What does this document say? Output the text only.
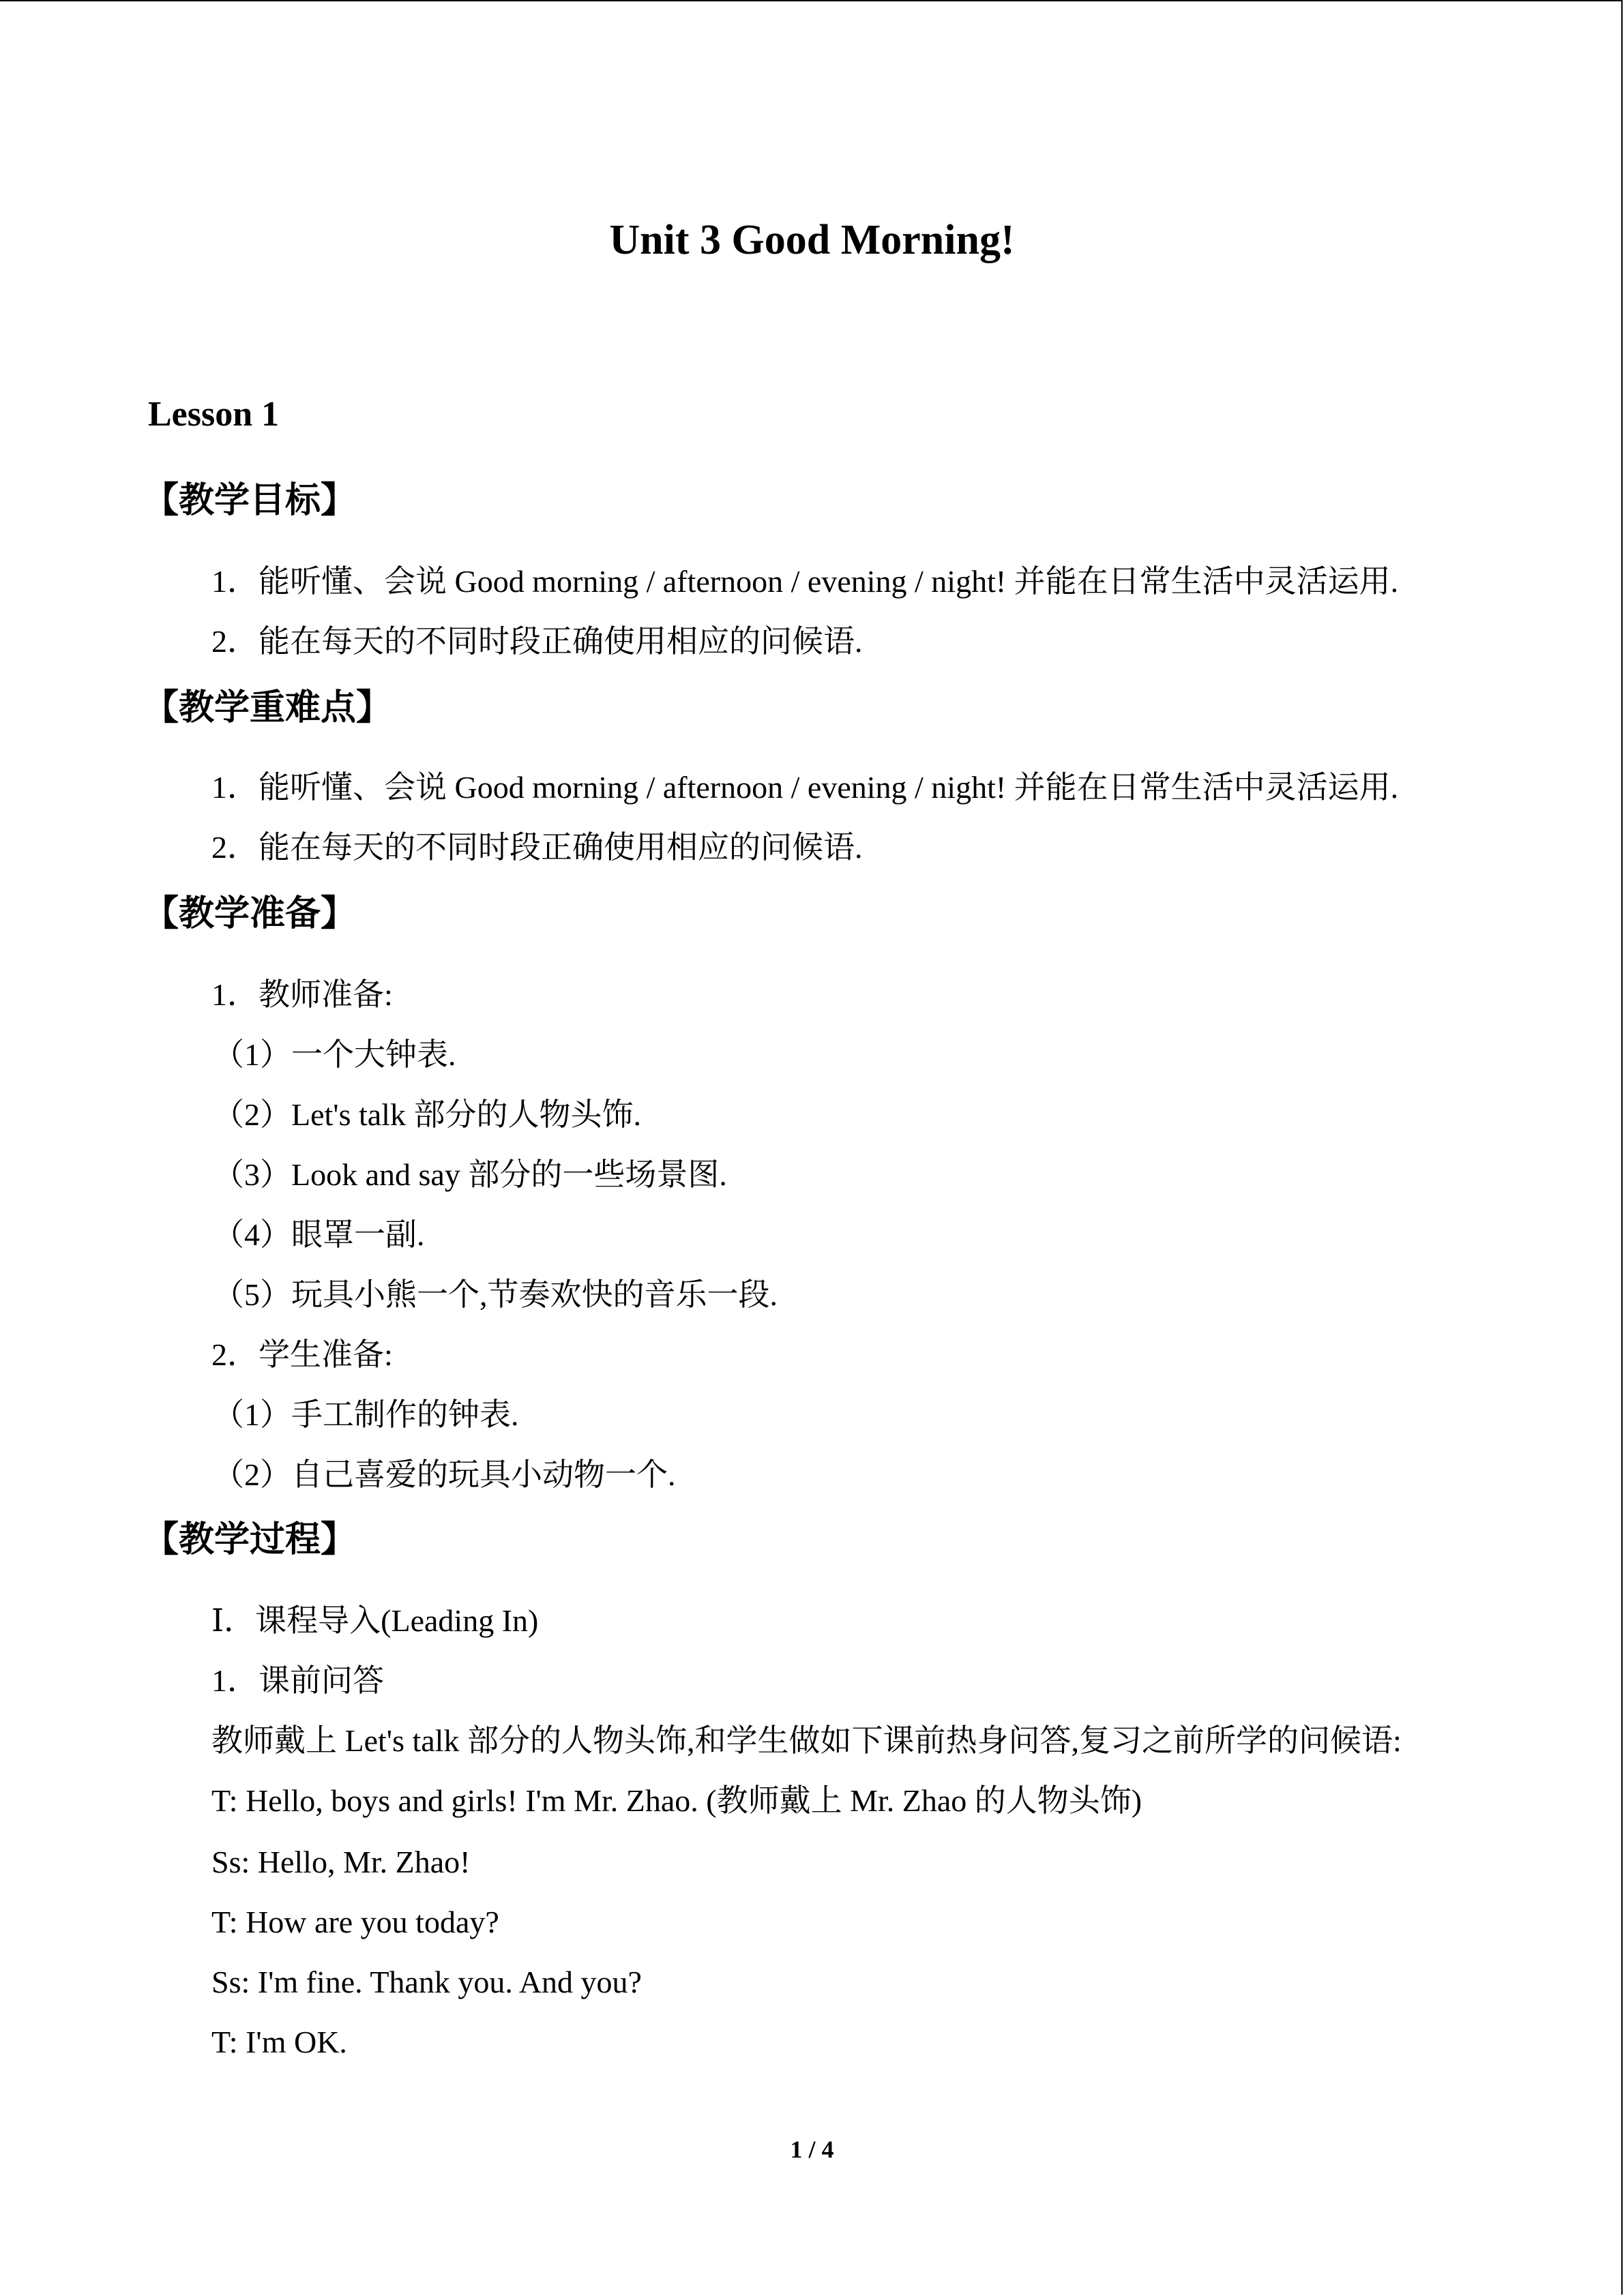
Unit 3 Good Morning!
Lesson 1
【教学目标】
1．能听懂、会说 Good morning / afternoon / evening / night! 并能在日常生活中灵活运用.
2．能在每天的不同时段正确使用相应的问候语.
【教学重难点】
1．能听懂、会说 Good morning / afternoon / evening / night! 并能在日常生活中灵活运用.
2．能在每天的不同时段正确使用相应的问候语.
【教学准备】
1．教师准备:
（1）一个大钟表.
（2）Let's talk 部分的人物头饰.
（3）Look and say 部分的一些场景图.
（4）眼罩一副.
（5）玩具小熊一个,节奏欢快的音乐一段.
2．学生准备:
（1）手工制作的钟表.
（2）自己喜爱的玩具小动物一个.
【教学过程】
Ⅰ．课程导入(Leading In)
1．课前问答
教师戴上 Let's talk 部分的人物头饰,和学生做如下课前热身问答,复习之前所学的问候语:
T: Hello, boys and girls! I'm Mr. Zhao. (教师戴上 Mr. Zhao 的人物头饰)
Ss: Hello, Mr. Zhao!
T: How are you today?
Ss: I'm fine. Thank you. And you?
T: I'm OK.
1 / 4
